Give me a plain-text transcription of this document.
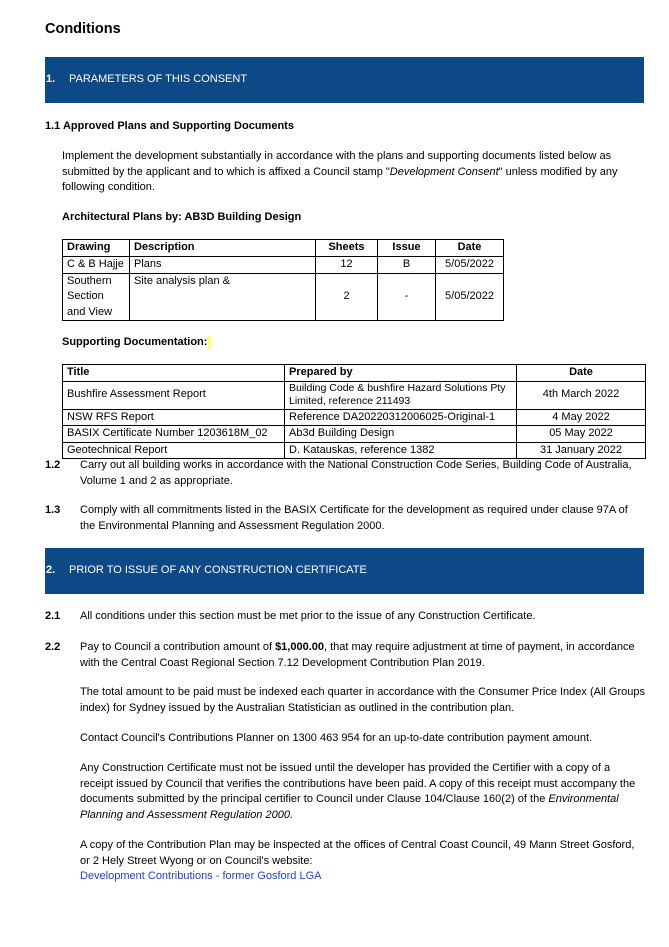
Conditions
1.	PARAMETERS OF THIS CONSENT
1.1 Approved Plans and Supporting Documents
Implement the development substantially in accordance with the plans and supporting documents listed below as submitted by the applicant and to which is affixed a Council stamp "Development Consent" unless modified by any following condition.
Architectural Plans by: AB3D Building Design
Drawing	Description	Sheets	Issue	Date
C & B Hajje	Plans	12	B	5/05/2022
Southern Section and View	Site analysis plan &	2	-	5/05/2022
Supporting Documentation:
Title	Prepared by	Date
Bushfire Assessment Report	Building Code & bushfire Hazard Solutions Pty Limited, reference 211493	4th March 2022
NSW RFS Report	Reference DA20220312006025-Original-1	4 May 2022
BASIX Certificate Number 1203618M_02	Ab3d Building Design	05 May 2022
Geotechnical Report	D. Katauskas, reference 1382	31 January 2022
1.2 Carry out all building works in accordance with the National Construction Code Series, Building Code of Australia, Volume 1 and 2 as appropriate.
1.3 Comply with all commitments listed in the BASIX Certificate for the development as required under clause 97A of the Environmental Planning and Assessment Regulation 2000.
2.	PRIOR TO ISSUE OF ANY CONSTRUCTION CERTIFICATE
2.1 All conditions under this section must be met prior to the issue of any Construction Certificate.
2.2 Pay to Council a contribution amount of $1,000.00, that may require adjustment at time of payment, in accordance with the Central Coast Regional Section 7.12 Development Contribution Plan 2019.
The total amount to be paid must be indexed each quarter in accordance with the Consumer Price Index (All Groups index) for Sydney issued by the Australian Statistician as outlined in the contribution plan.
Contact Council's Contributions Planner on 1300 463 954 for an up-to-date contribution payment amount.
Any Construction Certificate must not be issued until the developer has provided the Certifier with a copy of a receipt issued by Council that verifies the contributions have been paid. A copy of this receipt must accompany the documents submitted by the principal certifier to Council under Clause 104/Clause 160(2) of the Environmental Planning and Assessment Regulation 2000.
A copy of the Contribution Plan may be inspected at the offices of Central Coast Council, 49 Mann Street Gosford, or 2 Hely Street Wyong or on Council's website:
Development Contributions - former Gosford LGA
